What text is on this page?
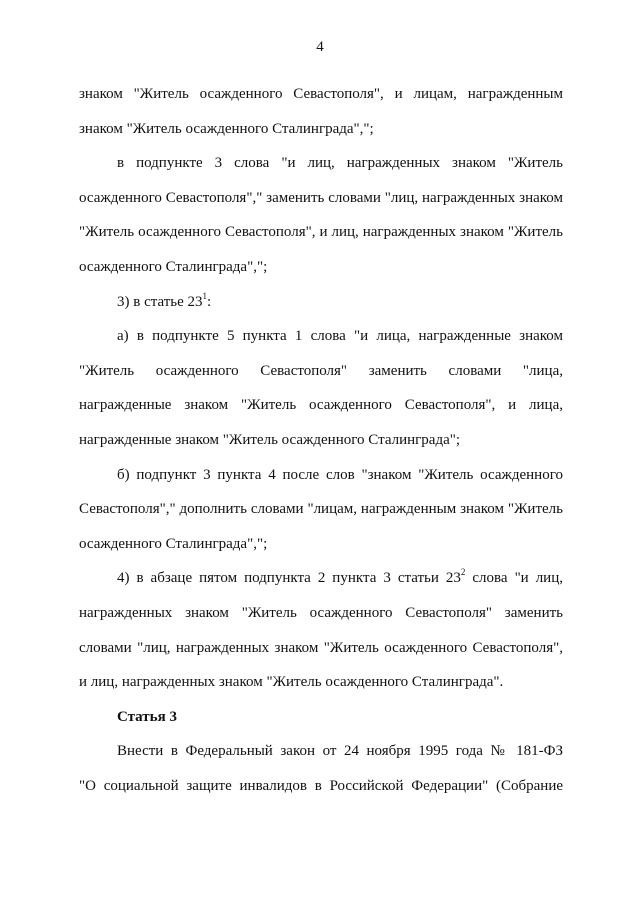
4

знаком "Житель осажденного Севастополя", и лицам, награжденным

знаком "Житель осажденного Сталинграда",";

в подпункте 3 слова "и лиц, награжденных знаком "Житель

осажденного Севастополя"," заменить словами "лиц, награжденных знаком

"Житель осажденного Севастополя", и лиц, награжденных знаком "Житель

осажденного Сталинграда",";

3) в статье $23^1$:

а) в подпункте 5 пункта 1 слова "и лица, награжденные знаком

"Житель осажденного Севастополя" заменить словами "лица,

награжденные знаком "Житель осажденного Севастополя", и лица,

награжденные знаком "Житель осажденного Сталинграда";

б) подпункт 3 пункта 4 после слов "знаком "Житель осажденного

Севастополя"," дополнить словами "лицам, награжденным знаком "Житель

осажденного Сталинграда",";

4) в абзаце пятом подпункта 2 пункта 3 статьи $23^2$ слова "и лиц,

награжденных знаком "Житель осажденного Севастополя" заменить

словами "лиц, награжденных знаком "Житель осажденного Севастополя",

и лиц, награжденных знаком "Житель осажденного Сталинграда".

Статья 3

Внести в Федеральный закон от 24 ноября 1995 года № 181-ФЗ

"О социальной защите инвалидов в Российской Федерации" (Собрание
